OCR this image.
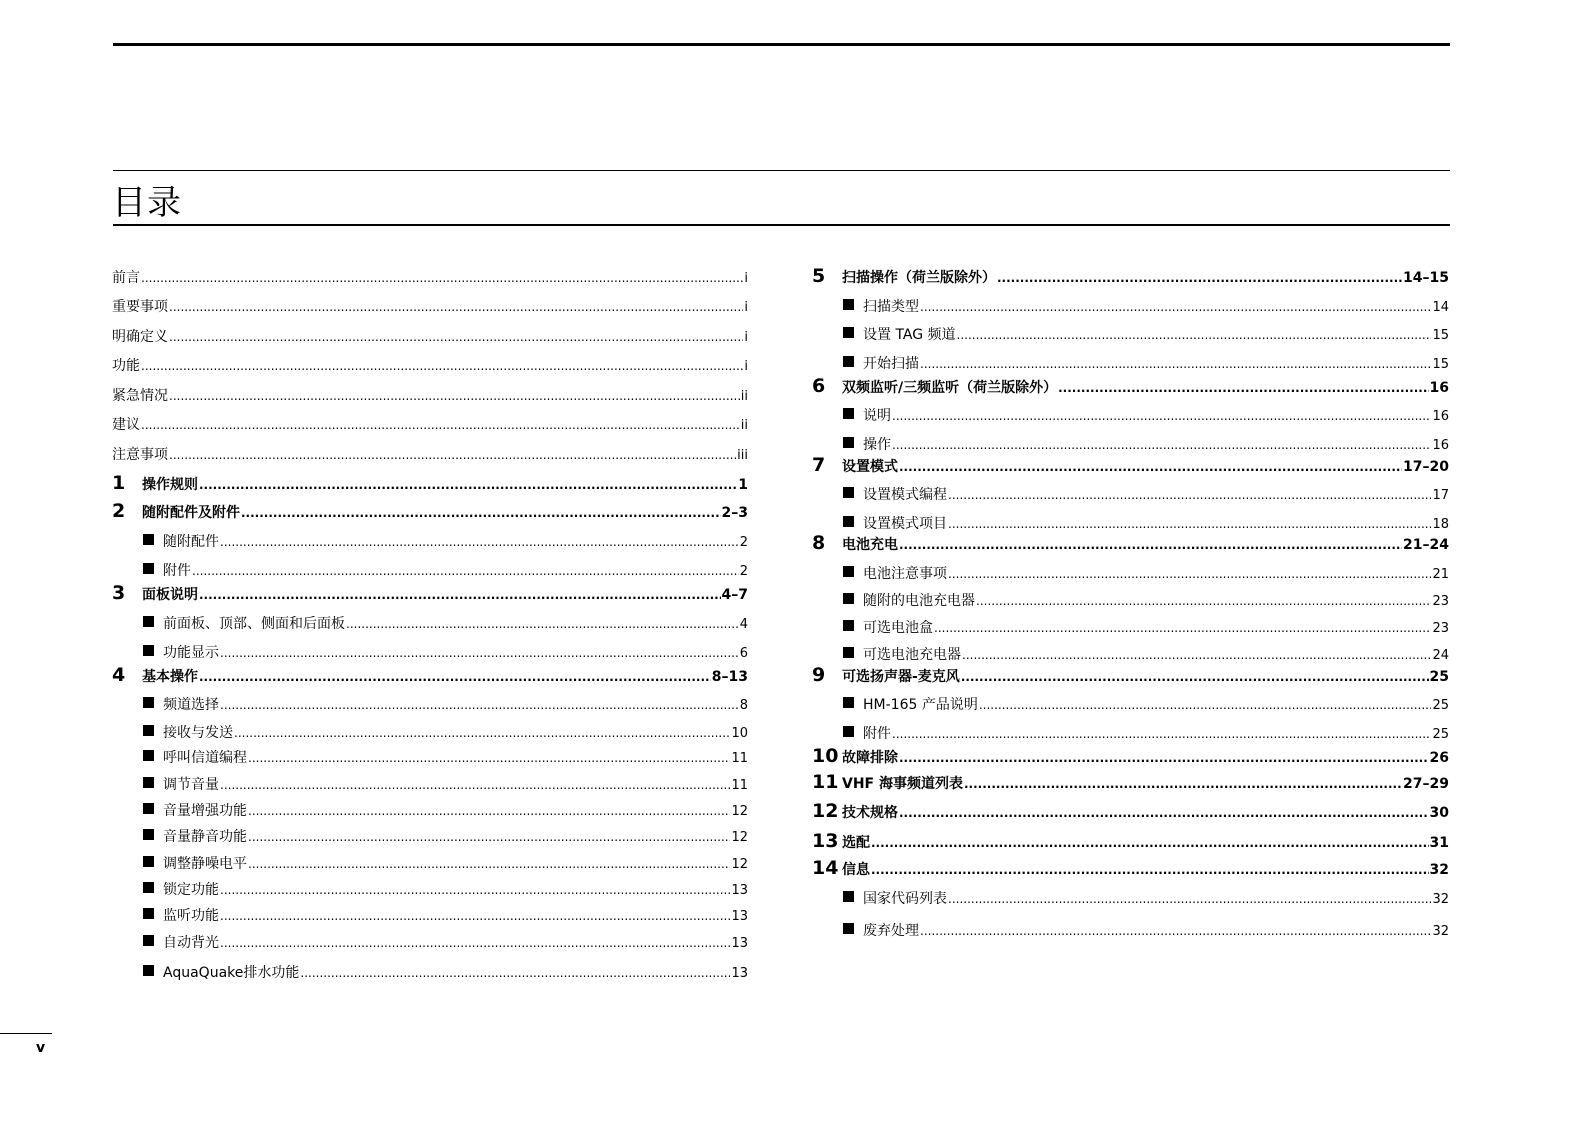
目录
前言 .....	i
重要事项 .....	i
明确定义 .....	i
功能 .....	i
紧急情况 .....	ii
建议 .....	ii
注意事项 .....	iii
1	操作规则 .....	1
2	随附配件及附件 .....	2–3
随附配件 .....	2
附件 .....	2
3	面板说明 .....	4–7
前面板、顶部、侧面和后面板 .....	4
功能显示 .....	6
4	基本操作 .....	8–13
频道选择 .....	8
接收与发送 .....	10
呼叫信道编程 .....	11
调节音量 .....	11
音量增强功能 .....	12
音量静音功能 .....	12
调整静噪电平 .....	12
锁定功能 .....	13
监听功能 .....	13
自动背光 .....	13
AquaQuake排水功能 .....	13
5	扫描操作（荷兰版除外） .....	14–15
扫描类型 .....	14
设置 TAG 频道 .....	15
开始扫描 .....	15
6	双频监听/三频监听（荷兰版除外） .....	16
说明 .....	16
操作 .....	16
7	设置模式 .....	17–20
设置模式编程 .....	17
设置模式项目 .....	18
8	电池充电 .....	21–24
电池注意事项 .....	21
随附的电池充电器 .....	23
可选电池盒 .....	23
可选电池充电器 .....	24
9	可选扬声器-麦克风 .....	25
HM-165 产品说明 .....	25
附件 .....	25
10 故障排除 .....	26
11 VHF 海事频道列表 .....	27–29
12 技术规格 .....	30
13 选配 .....	31
14 信息 .....	32
国家代码列表 .....	32
废弃处理 .....	32
v
